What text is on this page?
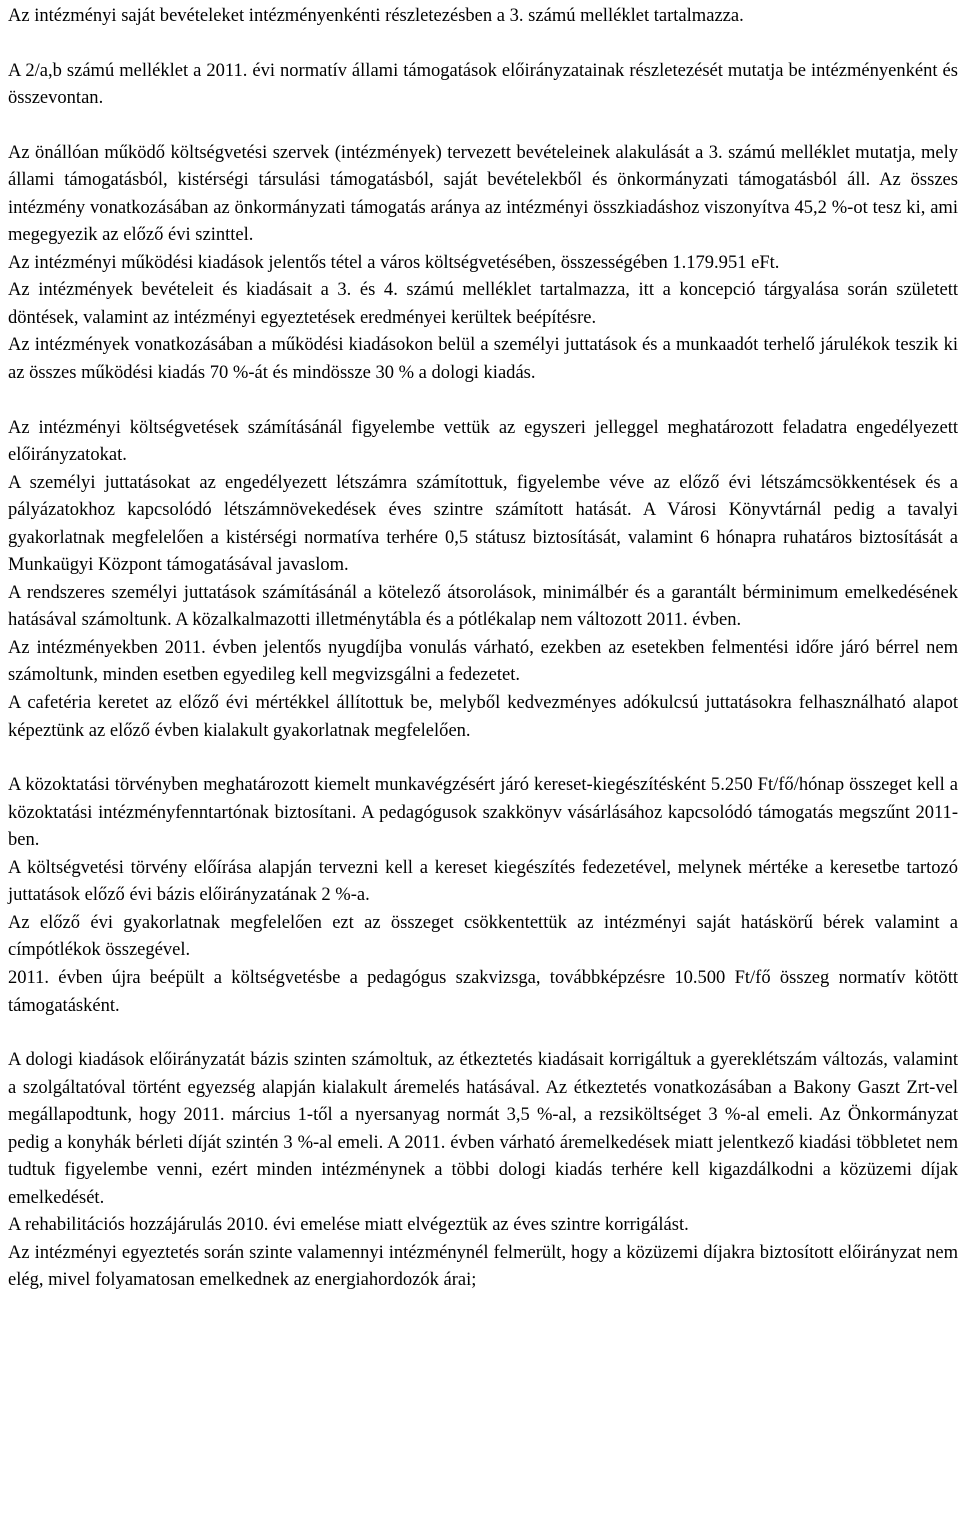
Az intézményi saját bevételeket intézményenkénti részletezésben a 3. számú melléklet tartalmazza.

A 2/a,b számú melléklet a 2011. évi normatív állami támogatások előirányzatainak részletezését mutatja be intézményenként és összevontan.

Az önállóan működő költségvetési szervek (intézmények) tervezett bevételeinek alakulását a 3. számú melléklet mutatja, mely állami támogatásból, kistérségi társulási támogatásból, saját bevételekből és önkormányzati támogatásból áll. Az összes intézmény vonatkozásában az önkormányzati támogatás aránya az intézményi összkiadáshoz viszonyítva 45,2 %-ot tesz ki, ami megegyezik az előző évi szinttel.

Az intézményi működési kiadások jelentős tétel a város költségvetésében, összességében 1.179.951 eFt.

Az intézmények bevételeit és kiadásait a 3. és 4. számú melléklet tartalmazza, itt a koncepció tárgyalása során született döntések, valamint az intézményi egyeztetések eredményei kerültek beépítésre.

Az intézmények vonatkozásában a működési kiadásokon belül a személyi juttatások és a munkaadót terhelő járulékok teszik ki az összes működési kiadás 70 %-át és mindössze 30 % a dologi kiadás.

Az intézményi költségvetések számításánál figyelembe vettük az egyszeri jelleggel meghatározott feladatra engedélyezett előirányzatokat.

A személyi juttatásokat az engedélyezett létszámra számítottuk, figyelembe véve az előző évi létszámcsökkentések és a pályázatokhoz kapcsolódó létszámnövekedések éves szintre számított hatását. A Városi Könyvtárnál pedig a tavalyi gyakorlatnak megfelelően a kistérségi normatíva terhére 0,5 státusz biztosítását, valamint 6 hónapra ruhatáros biztosítását a Munkaügyi Központ támogatásával javaslom.

A rendszeres személyi juttatások számításánál a kötelező átsorolások, minimálbér és a garantált bérminimum emelkedésének hatásával számoltunk. A közalkalmazotti illetménytábla és a pótlékalap nem változott 2011. évben.

Az intézményekben 2011. évben jelentős nyugdíjba vonulás várható, ezekben az esetekben felmentési időre járó bérrel nem számoltunk, minden esetben egyedileg kell megvizsgálni a fedezetet.

A cafetéria keretet az előző évi mértékkel állítottuk be, melyből kedvezményes adókulcsú juttatásokra felhasználható alapot képeztünk az előző évben kialakult gyakorlatnak megfelelően.

A közoktatási törvényben meghatározott kiemelt munkavégzésért járó kereset-kiegészítésként 5.250 Ft/fő/hónap összeget kell a közoktatási intézményfenntartónak biztosítani. A pedagógusok szakkönyv vásárlásához kapcsolódó támogatás megszűnt 2011-ben.

A költségvetési törvény előírása alapján tervezni kell a kereset kiegészítés fedezetével, melynek mértéke a keresetbe tartozó juttatások előző évi bázis előirányzatának 2 %-a.

Az előző évi gyakorlatnak megfelelően ezt az összeget csökkentettük az intézményi saját hatáskörű bérek valamint a címpótlékok összegével.

2011. évben újra beépült a költségvetésbe a pedagógus szakvizsga, továbbképzésre 10.500 Ft/fő összeg normatív kötött támogatásként.

A dologi kiadások előirányzatát bázis szinten számoltuk, az étkeztetés kiadásait korrigáltuk a gyereklétszám változás, valamint a szolgáltatóval történt egyezség alapján kialakult áremelés hatásával. Az étkeztetés vonatkozásában a Bakony Gaszt Zrt-vel megállapodtunk, hogy 2011. március 1-től a nyersanyag normát 3,5 %-al, a rezsiköltséget 3 %-al emeli. Az Önkormányzat pedig a konyhák bérleti díját szintén 3 %-al emeli. A 2011. évben várható áremelkedések miatt jelentkező kiadási többletet nem tudtuk figyelembe venni, ezért minden intézménynek a többi dologi kiadás terhére kell kigazdálkodni a közüzemi díjak emelkedését.

A rehabilitációs hozzájárulás 2010. évi emelése miatt elvégeztük az éves szintre korrigálást.

Az intézményi egyeztetés során szinte valamennyi intézménynél felmerült, hogy a közüzemi díjakra biztosított előirányzat nem elég, mivel folyamatosan emelkednek az energiahordozók árai;
